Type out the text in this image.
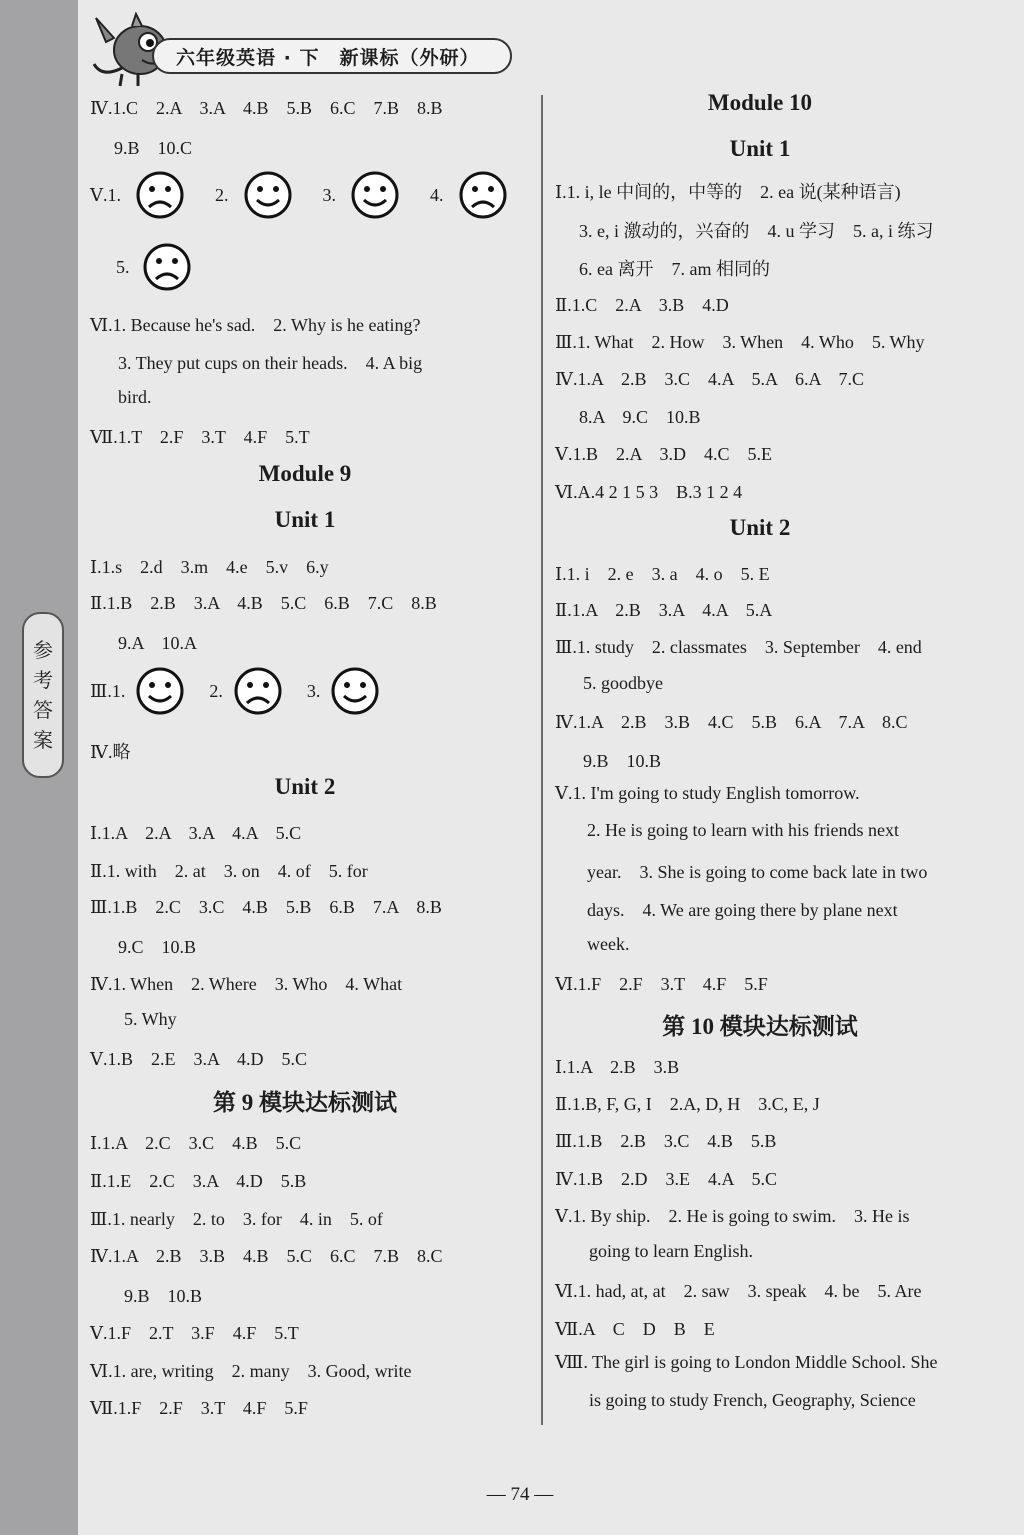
参
考
答
案
六年级英语 · 下　新课标（外研）
Ⅳ.1.C　2.A　3.A　4.B　5.B　6.C　7.B　8.B
9.B　10.C
Ⅴ.1.	2.	3.	4.
5.
Ⅵ.1. Because he's sad.　2. Why is he eating?
3. They put cups on their heads.　4. A big
bird.
Ⅶ.1.T　2.F　3.T　4.F　5.T
Module 9
Unit 1
Ⅰ.1.s　2.d　3.m　4.e　5.v　6.y
Ⅱ.1.B　2.B　3.A　4.B　5.C　6.B　7.C　8.B
9.A　10.A
Ⅲ.1.	2.	3.
Ⅳ.略
Unit 2
Ⅰ.1.A　2.A　3.A　4.A　5.C
Ⅱ.1. with　2. at　3. on　4. of　5. for
Ⅲ.1.B　2.C　3.C　4.B　5.B　6.B　7.A　8.B
9.C　10.B
Ⅳ.1. When　2. Where　3. Who　4. What
5. Why
Ⅴ.1.B　2.E　3.A　4.D　5.C
第 9 模块达标测试
Ⅰ.1.A　2.C　3.C　4.B　5.C
Ⅱ.1.E　2.C　3.A　4.D　5.B
Ⅲ.1. nearly　2. to　3. for　4. in　5. of
Ⅳ.1.A　2.B　3.B　4.B　5.C　6.C　7.B　8.C
9.B　10.B
Ⅴ.1.F　2.T　3.F　4.F　5.T
Ⅵ.1. are, writing　2. many　3. Good, write
Ⅶ.1.F　2.F　3.T　4.F　5.F
Module 10
Unit 1
Ⅰ.1. i, le 中间的，中等的　2. ea 说(某种语言)
3. e, i 激动的，兴奋的　4. u 学习　5. a, i 练习
6. ea 离开　7. am 相同的
Ⅱ.1.C　2.A　3.B　4.D
Ⅲ.1. What　2. How　3. When　4. Who　5. Why
Ⅳ.1.A　2.B　3.C　4.A　5.A　6.A　7.C
8.A　9.C　10.B
Ⅴ.1.B　2.A　3.D　4.C　5.E
Ⅵ.A.4 2 1 5 3　B.3 1 2 4
Unit 2
Ⅰ.1. i　2. e　3. a　4. o　5. E
Ⅱ.1.A　2.B　3.A　4.A　5.A
Ⅲ.1. study　2. classmates　3. September　4. end
5. goodbye
Ⅳ.1.A　2.B　3.B　4.C　5.B　6.A　7.A　8.C
9.B　10.B
Ⅴ.1. I'm going to study English tomorrow.
2. He is going to learn with his friends next
year.　3. She is going to come back late in two
days.　4. We are going there by plane next
week.
Ⅵ.1.F　2.F　3.T　4.F　5.F
第 10 模块达标测试
Ⅰ.1.A　2.B　3.B
Ⅱ.1.B, F, G, I　2.A, D, H　3.C, E, J
Ⅲ.1.B　2.B　3.C　4.B　5.B
Ⅳ.1.B　2.D　3.E　4.A　5.C
Ⅴ.1. By ship.　2. He is going to swim.　3. He is
going to learn English.
Ⅵ.1. had, at, at　2. saw　3. speak　4. be　5. Are
Ⅶ.A　C　D　B　E
Ⅷ. The girl is going to London Middle School. She
is going to study French, Geography, Science
— 74 —
